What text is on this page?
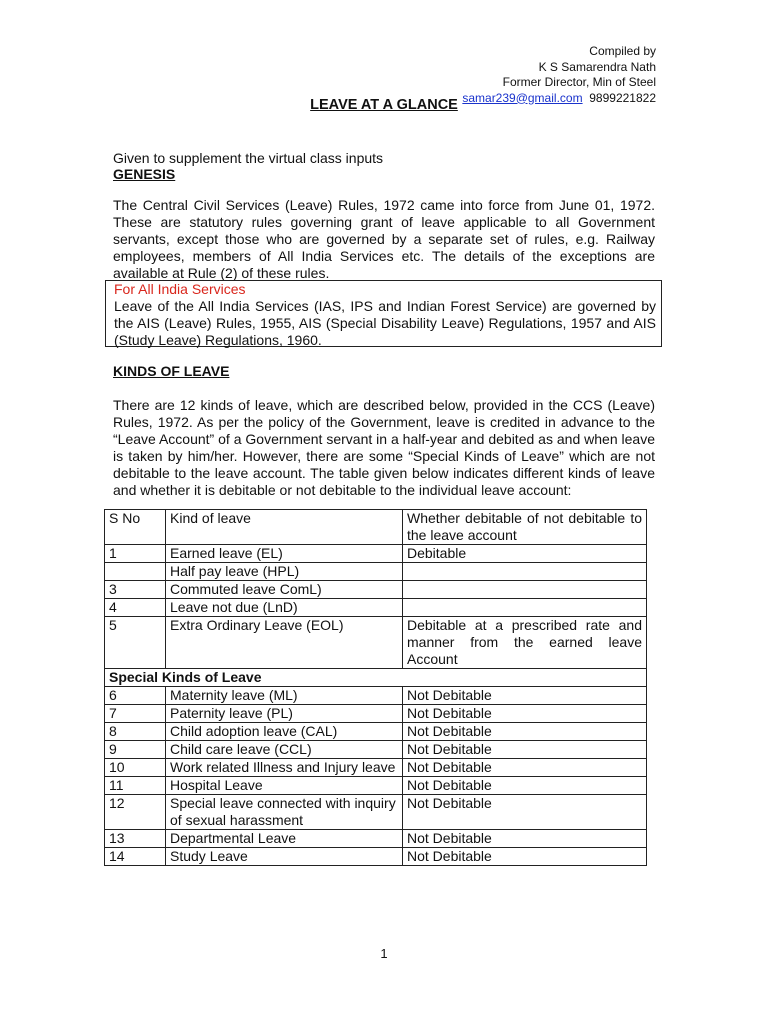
Compiled by
K S Samarendra Nath
Former Director, Min of Steel
samar239@gmail.com 9899221822
LEAVE AT A GLANCE
Given to supplement the virtual class inputs
GENESIS
The Central Civil Services (Leave) Rules, 1972 came into force from June 01, 1972. These are statutory rules governing grant of leave applicable to all Government servants, except those who are governed by a separate set of rules, e.g. Railway employees, members of All India Services etc. The details of the exceptions are available at Rule (2) of these rules.
For All India Services
Leave of the All India Services (IAS, IPS and Indian Forest Service) are governed by the AIS (Leave) Rules, 1955, AIS (Special Disability Leave) Regulations, 1957 and AIS (Study Leave) Regulations, 1960.
KINDS OF LEAVE
There are 12 kinds of leave, which are described below, provided in the CCS (Leave) Rules, 1972. As per the policy of the Government, leave is credited in advance to the “Leave Account” of a Government servant in a half-year and debited as and when leave is taken by him/her. However, there are some “Special Kinds of Leave” which are not debitable to the leave account. The table given below indicates different kinds of leave and whether it is debitable or not debitable to the individual leave account:
S No	Kind of leave	Whether debitable of not debitable to the leave account
1	Earned leave (EL)	Debitable
	Half pay leave (HPL)	
3	Commuted leave ComL)	
4	Leave not due (LnD)	
5	Extra Ordinary Leave (EOL)	Debitable at a prescribed rate and manner from the earned leave Account
Special Kinds of Leave		
6	Maternity leave (ML)	Not Debitable
7	Paternity leave (PL)	Not Debitable
8	Child adoption leave (CAL)	Not Debitable
9	Child care leave (CCL)	Not Debitable
10	Work related Illness and Injury leave	Not Debitable
11	Hospital Leave	Not Debitable
12	Special leave connected with inquiry of sexual harassment	Not Debitable
13	Departmental Leave	Not Debitable
14	Study Leave	Not Debitable
1
